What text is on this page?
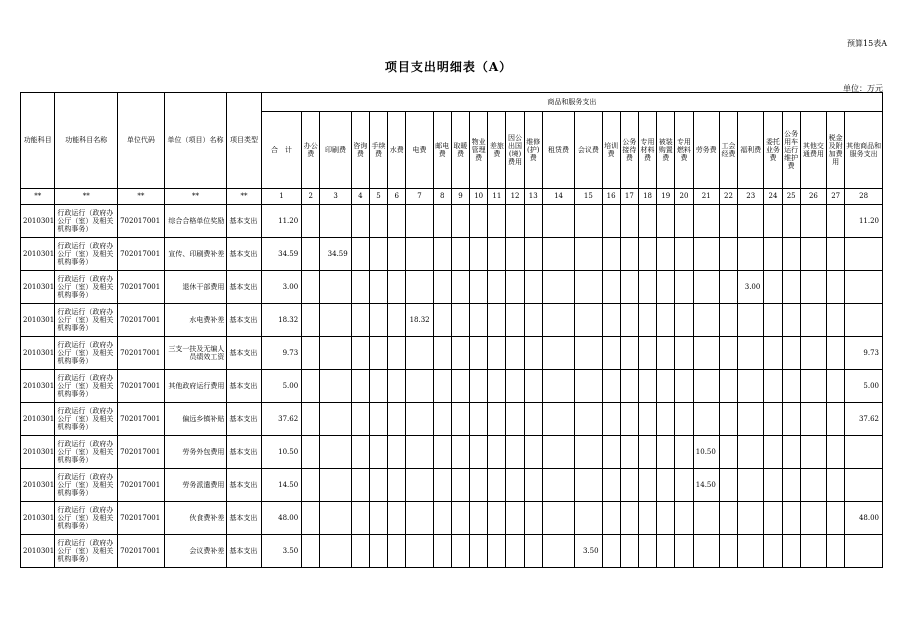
预算15表A
项目支出明细表（A）
单位：万元
功能科目	功能科目名称	单位代码	单位（项目）名称	项目类型	商品和服务支出																											
					合　计	办公费	印刷费	咨询费	手续费	水费	电费	邮电费	取暖费	物业管理费	差旅费	因公出国(境)费用	维修(护)费	租赁费	会议费	培训费	公务接待费	专用材料费	被装购置费	专用燃料费	劳务费	工会经费	福利费	委托业务费	公务用车运行维护费	其他交通费用	税金及附加费用	其他商品和服务支出
**	**	**	**	**	1	2	3	4	5	6	7	8	9	10	11	12	13	14	15	16	17	18	19	20	21	22	23	24	25	26	27	28
2010301	行政运行（政府办公厅（室）及相关机构事务）	702017001	综合合格单位奖励	基本支出	11.20																											11.20
2010301	行政运行（政府办公厅（室）及相关机构事务）	702017001	宣传、印刷费补差	基本支出	34.59		34.59																									
2010301	行政运行（政府办公厅（室）及相关机构事务）	702017001	退休干部费用	基本支出	3.00																						3.00					
2010301	行政运行（政府办公厅（室）及相关机构事务）	702017001	水电费补差	基本支出	18.32						18.32																					
2010301	行政运行（政府办公厅（室）及相关机构事务）	702017001	三支一扶及无编人员绩效工资	基本支出	9.73																											9.73
2010301	行政运行（政府办公厅（室）及相关机构事务）	702017001	其他政府运行费用	基本支出	5.00																											5.00
2010301	行政运行（政府办公厅（室）及相关机构事务）	702017001	偏远乡镇补贴	基本支出	37.62																											37.62
2010301	行政运行（政府办公厅（室）及相关机构事务）	702017001	劳务外包费用	基本支出	10.50																				10.50							
2010301	行政运行（政府办公厅（室）及相关机构事务）	702017001	劳务派遣费用	基本支出	14.50																				14.50							
2010301	行政运行（政府办公厅（室）及相关机构事务）	702017001	伙食费补差	基本支出	48.00																											48.00
2010301	行政运行（政府办公厅（室）及相关机构事务）	702017001	会议费补差	基本支出	3.50														3.50													
